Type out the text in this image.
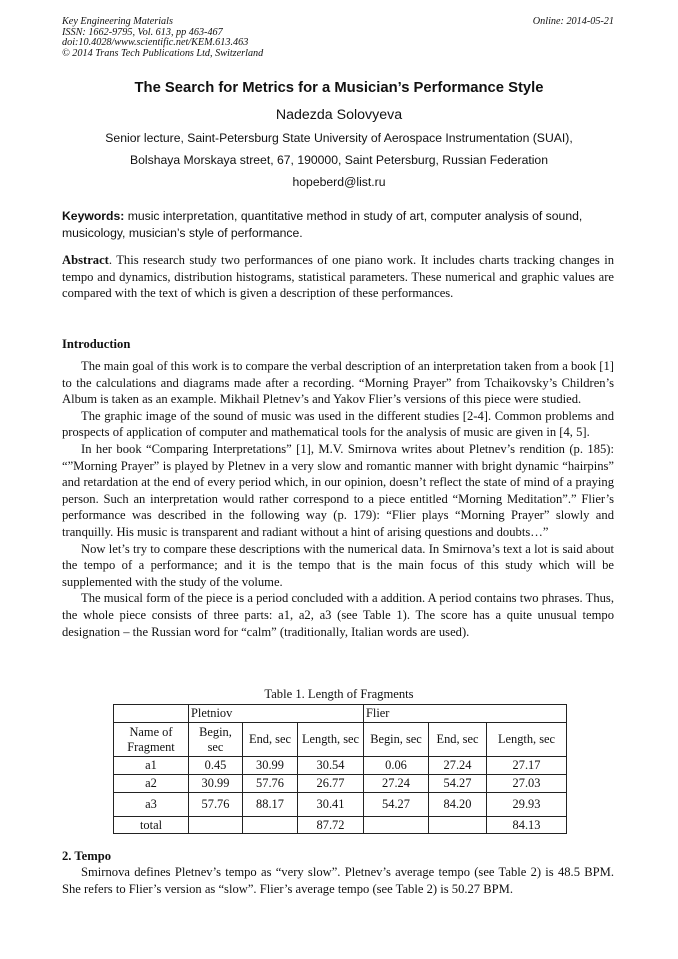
Key Engineering Materials
ISSN: 1662-9795, Vol. 613, pp 463-467
doi:10.4028/www.scientific.net/KEM.613.463
© 2014 Trans Tech Publications Ltd, Switzerland
Online: 2014-05-21
The Search for Metrics for a Musician’s Performance Style
Nadezda Solovyeva
Senior lecture, Saint-Petersburg State University of Aerospace Instrumentation (SUAI),
Bolshaya Morskaya street, 67, 190000, Saint Petersburg, Russian Federation
hopeberd@list.ru
Keywords: music interpretation, quantitative method in study of art, computer analysis of sound, musicology, musician’s style of performance.
Abstract. This research study two performances of one piano work. It includes charts tracking changes in tempo and dynamics, distribution histograms, statistical parameters. These numerical and graphic values are compared with the text of which is given a description of these performances.
Introduction

The main goal of this work is to compare the verbal description of an interpretation taken from a book [1] to the calculations and diagrams made after a recording. “Morning Prayer” from Tchaikovsky’s Children’s Album is taken as an example. Mikhail Pletnev’s and Yakov Flier’s versions of this piece were studied.

The graphic image of the sound of music was used in the different studies [2-4]. Common problems and prospects of application of computer and mathematical tools for the analysis of music are given in [4, 5].

In her book “Comparing Interpretations” [1], M.V. Smirnova writes about Pletnev’s rendition (p. 185): “”Morning Prayer” is played by Pletnev in a very slow and romantic manner with bright dynamic “hairpins” and retardation at the end of every period which, in our opinion, doesn’t reflect the state of mind of a praying person. Such an interpretation would rather correspond to a piece entitled “Morning Meditation”.” Flier’s performance was described in the following way (p. 179): “Flier plays “Morning Prayer” slowly and tranquilly. His music is transparent and radiant without a hint of arising questions and doubts…”

Now let’s try to compare these descriptions with the numerical data. In Smirnova’s text a lot is said about the tempo of a performance; and it is the tempo that is the main focus of this study which will be supplemented with the study of the volume.

The musical form of the piece is a period concluded with a addition. A period contains two phrases. Thus, the whole piece consists of three parts: a1, a2, a3 (see Table 1). The score has a quite unusual tempo designation – the Russian word for “calm” (traditionally, Italian words are used).

Table 1. Length of Fragments
	Pletniov			Flier		
Name of Fragment	Begin, sec	End, sec	Length, sec	Begin, sec	End, sec	Length, sec
a1	0.45	30.99	30.54	0.06	27.24	27.17
a2	30.99	57.76	26.77	27.24	54.27	27.03
a3	57.76	88.17	30.41	54.27	84.20	29.93
total			87.72			84.13
2. Tempo

Smirnova defines Pletnev’s tempo as “very slow”. Pletnev’s average tempo (see Table 2) is 48.5 BPM. She refers to Flier’s version as “slow”. Flier’s average tempo (see Table 2) is 50.27 BPM.
